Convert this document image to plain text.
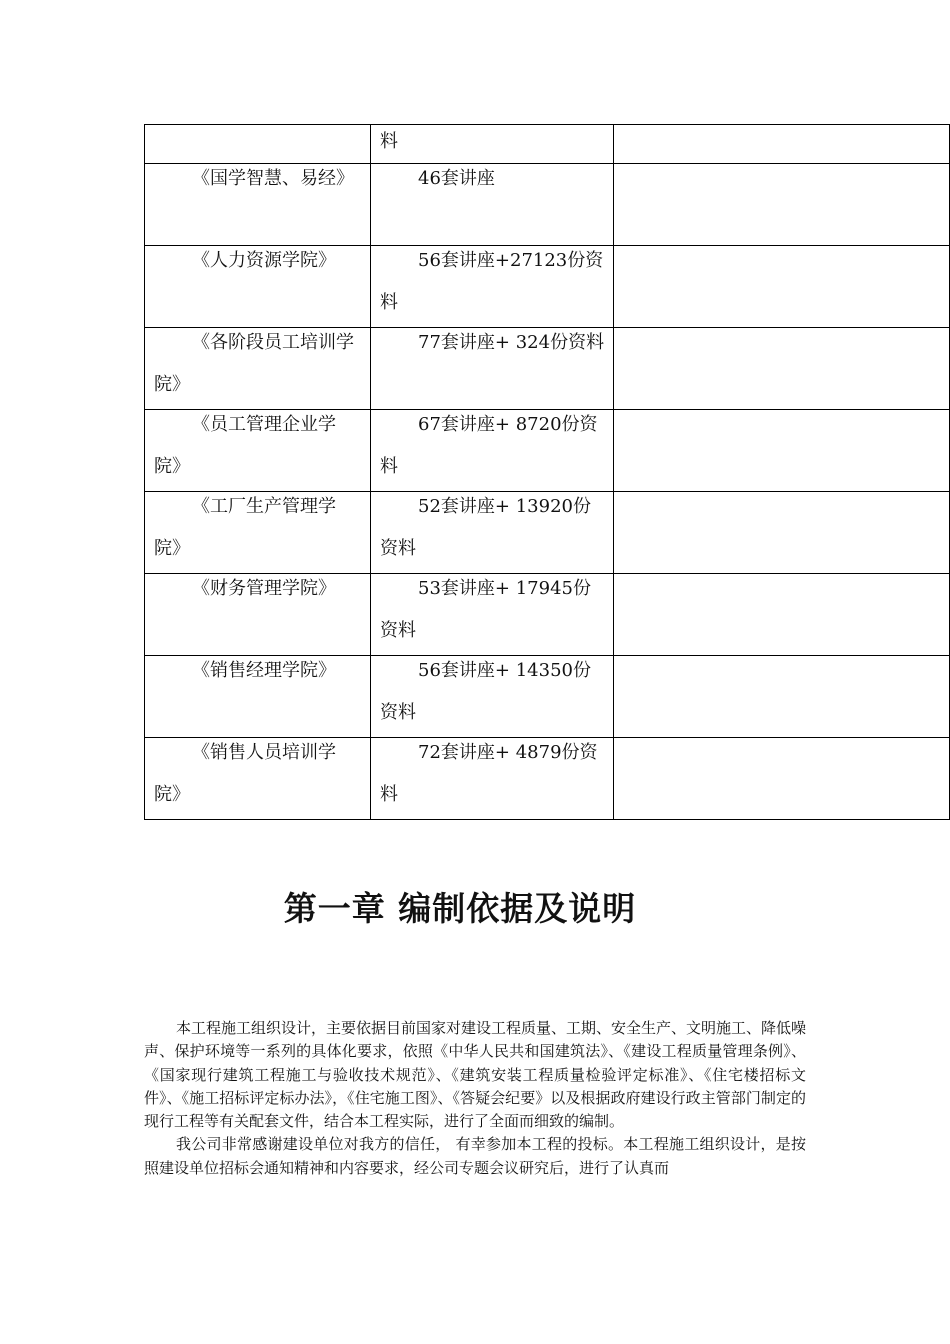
	料	

《国学智慧、易经》	46套讲座	

《人力资源学院》	56套讲座+27123份资料	

《各阶段员工培训学院》	77套讲座+ 324份资料	

《员工管理企业学院》	67套讲座+ 8720份资料	

《工厂生产管理学院》	52套讲座+ 13920份资料	

《财务管理学院》	53套讲座+ 17945份资料	

《销售经理学院》	56套讲座+ 14350份资料	

《销售人员培训学院》	72套讲座+ 4879份资料	

第一章 编制依据及说明

本工程施工组织设计，主要依据目前国家对建设工程质量、工期、安全生产、文明施工、降低噪声、保护环境等一系列的具体化要求，依照《中华人民共和国建筑法》、《建设工程质量管理条例》、《国家现行建筑工程施工与验收技术规范》、《建筑安装工程质量检验评定标准》、《住宅楼招标文件》、《施工招标评定标办法》，《住宅施工图》、《答疑会纪要》以及根据政府建设行政主管部门制定的现行工程等有关配套文件，结合本工程实际，进行了全面而细致的编制。

我公司非常感谢建设单位对我方的信任， 有幸参加本工程的投标。本工程施工组织设计，是按照建设单位招标会通知精神和内容要求，经公司专题会议研究后，进行了认真而
